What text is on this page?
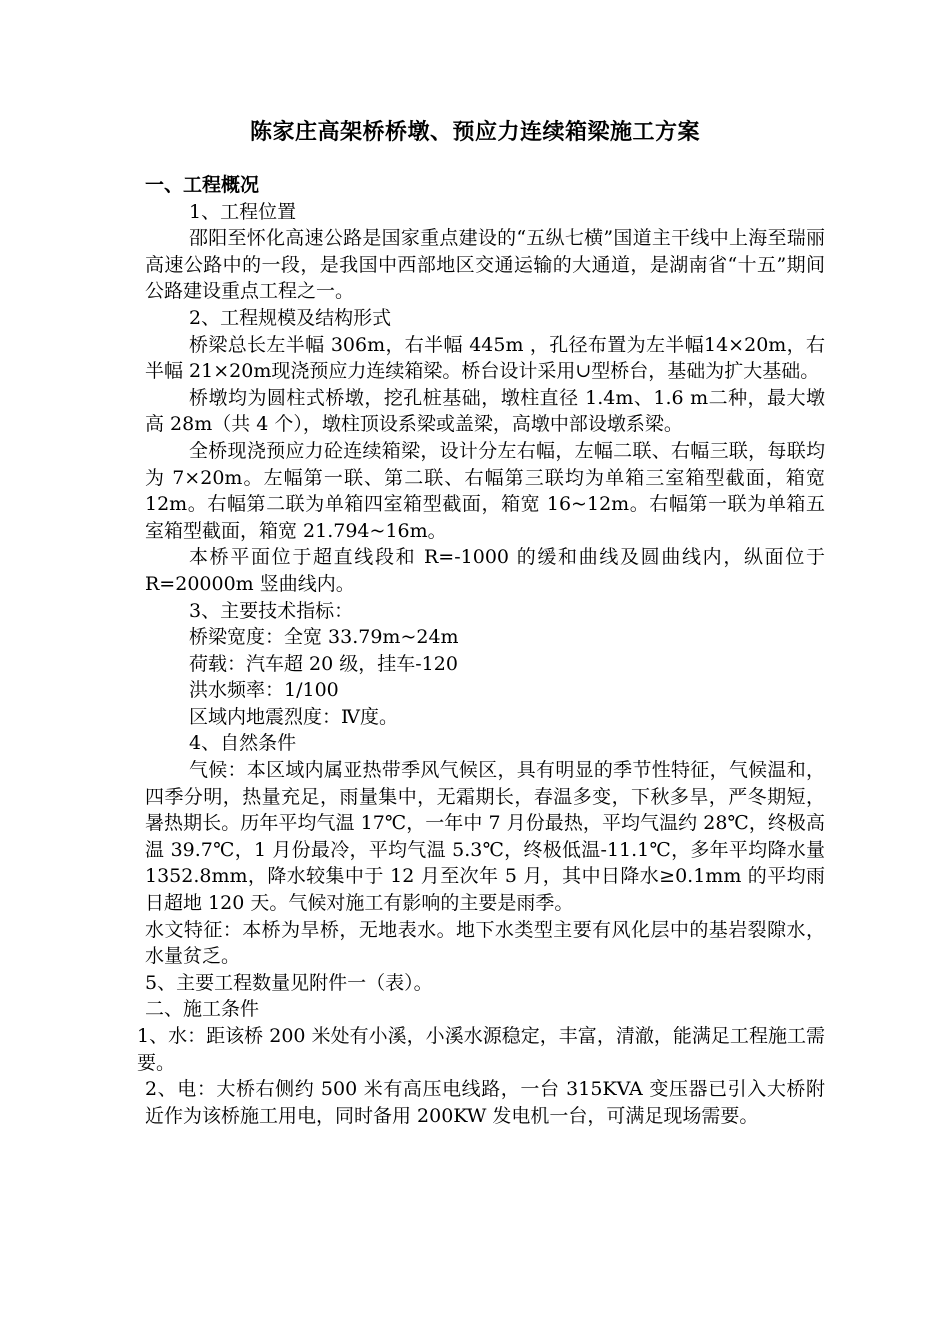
陈家庄高架桥桥墩、预应力连续箱梁施工方案

一、工程概况

1、工程位置

邵阳至怀化高速公路是国家重点建设的“五纵七横”国道主干线中上海至瑞丽高速公路中的一段，是我国中西部地区交通运输的大通道，是湖南省“十五”期间公路建设重点工程之一。

2、工程规模及结构形式

桥梁总长左半幅 306m，右半幅 445m ，孔径布置为左半幅14×20m，右半幅 21×20m现浇预应力连续箱梁。桥台设计采用∪型桥台，基础为扩大基础。

桥墩均为圆柱式桥墩，挖孔桩基础，墩柱直径 1.4m、1.6 m二种，最大墩高 28m（共 4 个），墩柱顶设系梁或盖梁，高墩中部设墩系梁。

全桥现浇预应力砼连续箱梁，设计分左右幅，左幅二联、右幅三联，每联均为 7×20m。左幅第一联、第二联、右幅第三联均为单箱三室箱型截面，箱宽 12m。右幅第二联为单箱四室箱型截面，箱宽 16~12m。右幅第一联为单箱五室箱型截面，箱宽 21.794~16m。

本桥平面位于超直线段和 R=-1000 的缓和曲线及圆曲线内，纵面位于 R=20000m 竖曲线内。

3、主要技术指标：

桥梁宽度：全宽 33.79m~24m

荷载：汽车超 20 级，挂车-120

洪水频率：1/100

区域内地震烈度：Ⅳ度。

4、自然条件

气候：本区域内属亚热带季风气候区，具有明显的季节性特征，气候温和，四季分明，热量充足，雨量集中，无霜期长，春温多变，下秋多旱，严冬期短，暑热期长。历年平均气温 17℃，一年中 7 月份最热，平均气温约 28℃，终极高温 39.7℃，1 月份最冷，平均气温 5.3℃，终极低温-11.1℃，多年平均降水量 1352.8mm，降水较集中于 12 月至次年 5 月，其中日降水≥0.1mm 的平均雨日超地 120 天。气候对施工有影响的主要是雨季。

水文特征：本桥为旱桥，无地表水。地下水类型主要有风化层中的基岩裂隙水，水量贫乏。

5、主要工程数量见附件一（表）。

二、施工条件

1、水：距该桥 200 米处有小溪，小溪水源稳定，丰富，清澈，能满足工程施工需要。

2、电：大桥右侧约 500 米有高压电线路，一台 315KVA 变压器已引入大桥附近作为该桥施工用电，同时备用 200KW 发电机一台，可满足现场需要。
